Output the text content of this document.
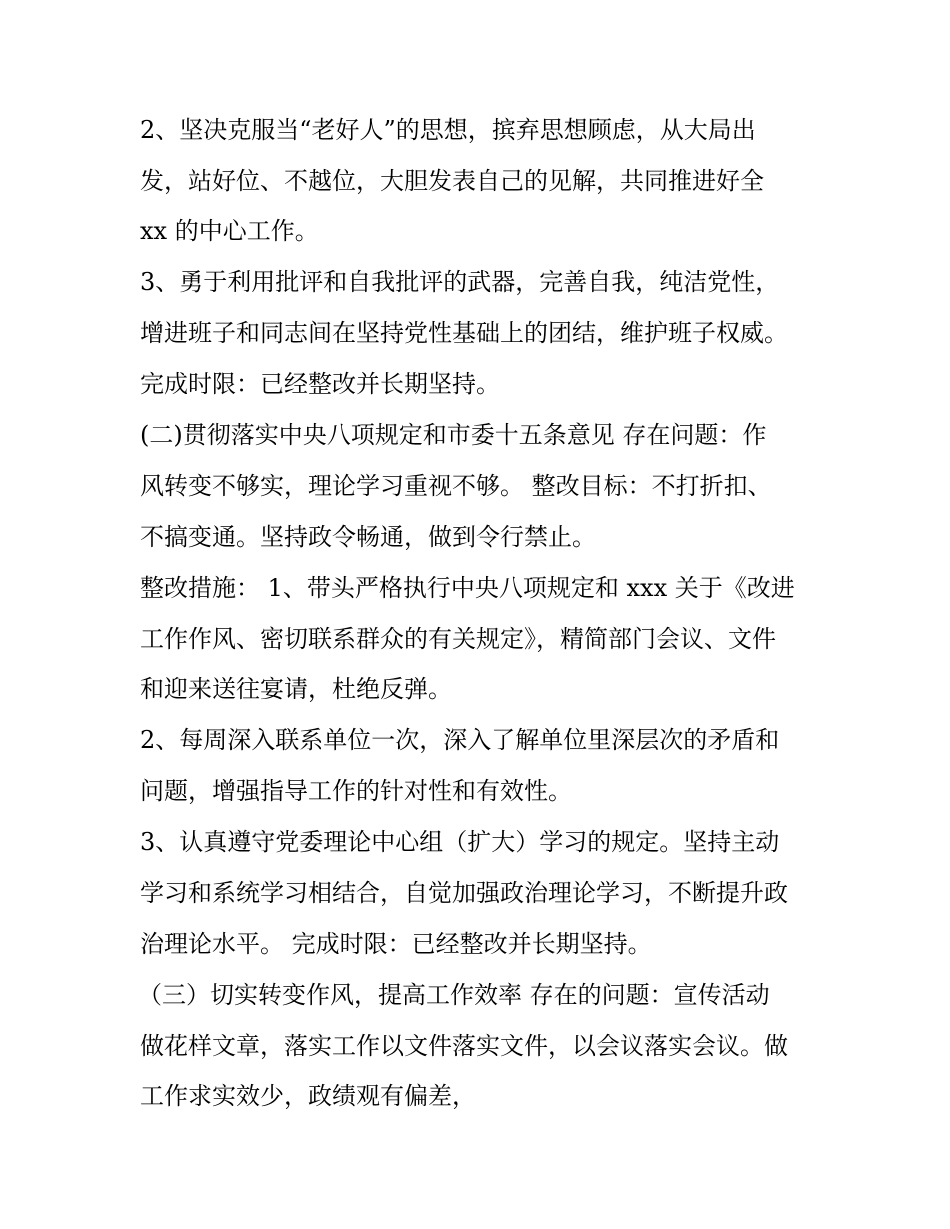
2、坚决克服当“老好人”的思想，摈弃思想顾虑，从大局出
发，站好位、不越位，大胆发表自己的见解，共同推进好全
xx 的中心工作。
3、勇于利用批评和自我批评的武器，完善自我，纯洁党性，
增进班子和同志间在坚持党性基础上的团结，维护班子权威。
完成时限：已经整改并长期坚持。
(二)贯彻落实中央八项规定和市委十五条意见 存在问题：作
风转变不够实，理论学习重视不够。 整改目标：不打折扣、
不搞变通。坚持政令畅通，做到令行禁止。
整改措施： 1、带头严格执行中央八项规定和 xxx 关于《改进
工作作风、密切联系群众的有关规定》，精简部门会议、文件
和迎来送往宴请，杜绝反弹。
2、每周深入联系单位一次，深入了解单位里深层次的矛盾和
问题，增强指导工作的针对性和有效性。
3、认真遵守党委理论中心组（扩大）学习的规定。坚持主动
学习和系统学习相结合，自觉加强政治理论学习，不断提升政
治理论水平。 完成时限：已经整改并长期坚持。
（三）切实转变作风，提高工作效率 存在的问题：宣传活动
做花样文章，落实工作以文件落实文件，以会议落实会议。做
工作求实效少，政绩观有偏差，
